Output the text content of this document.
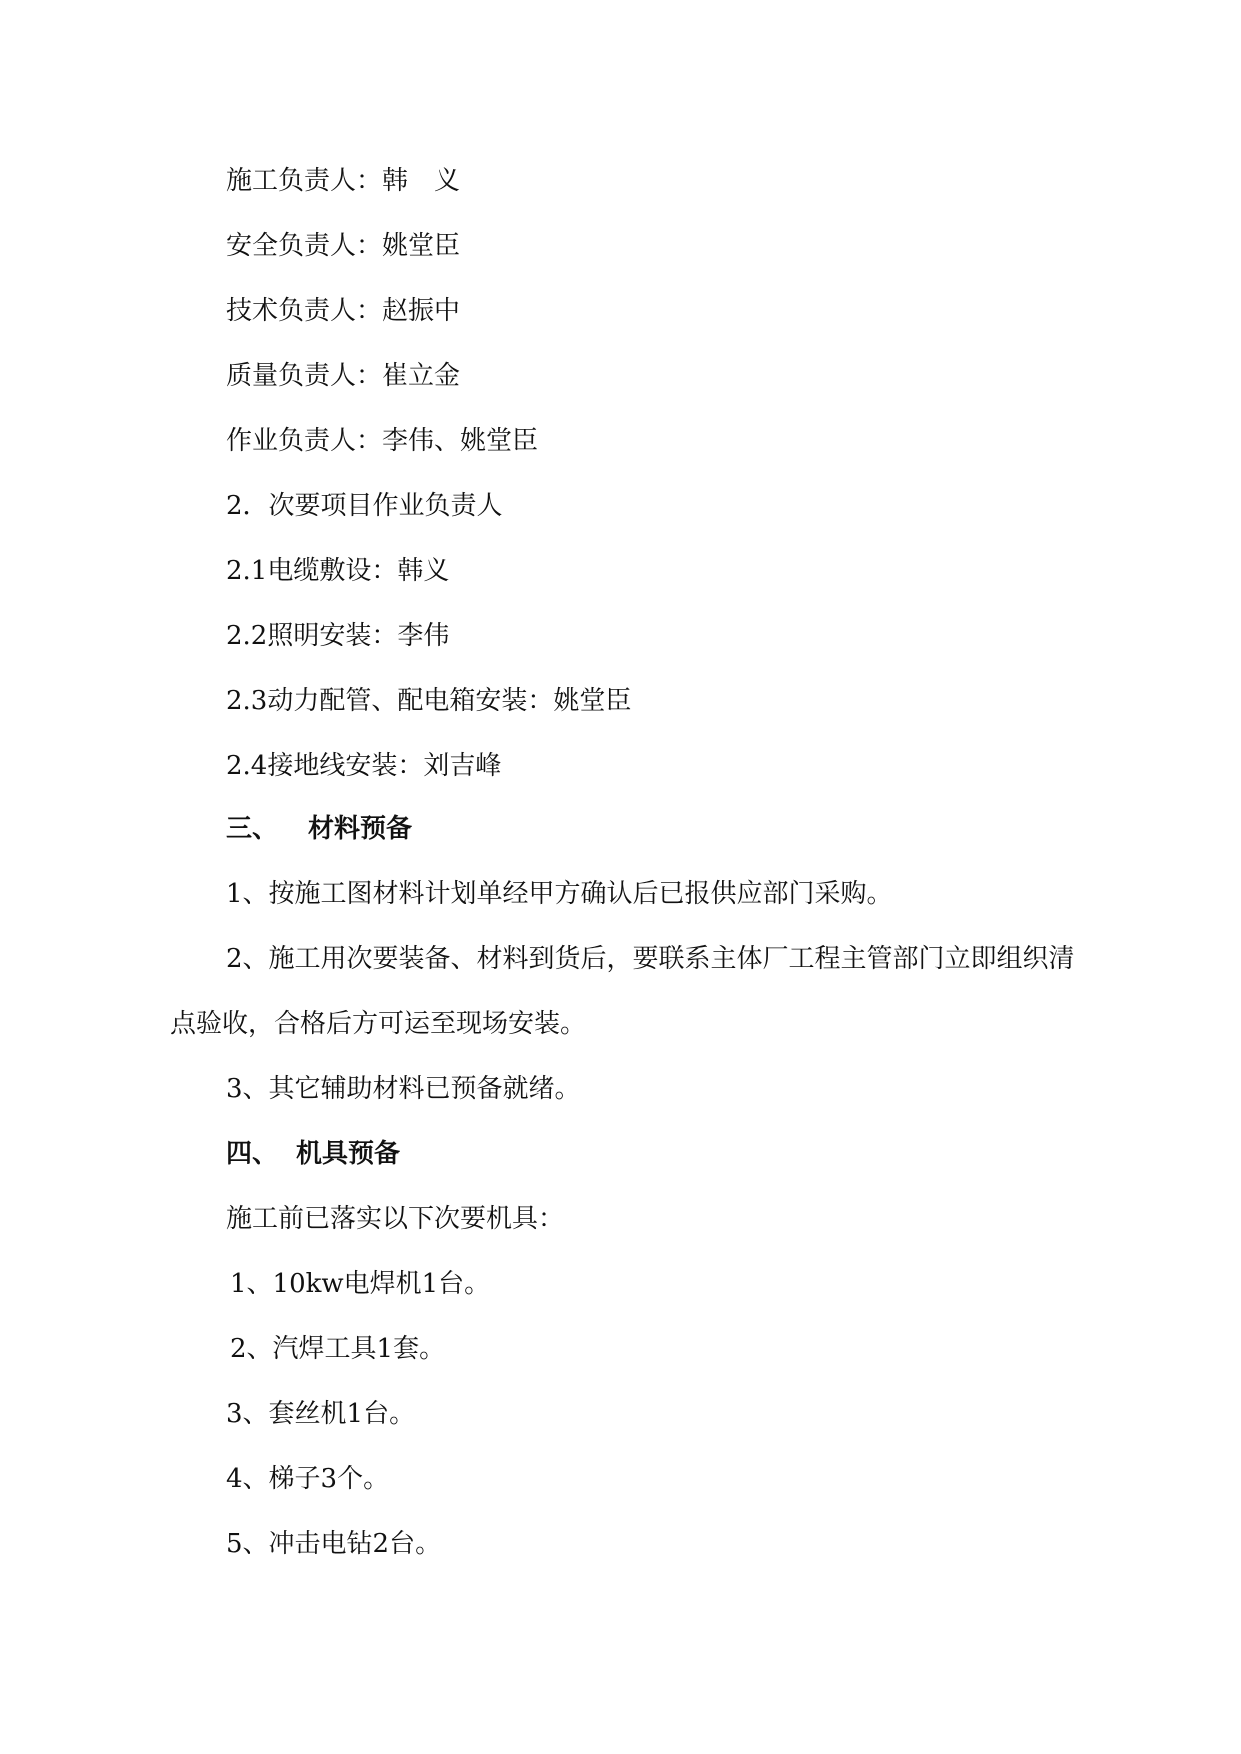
施工负责人：韩　义
安全负责人：姚堂臣
技术负责人：赵振中
质量负责人：崔立金
作业负责人：李伟、姚堂臣
2．次要项目作业负责人
2.1电缆敷设：韩义
2.2照明安装：李伟
2.3动力配管、配电箱安装：姚堂臣
2.4接地线安装：刘吉峰
三、 材料预备
1、按施工图材料计划单经甲方确认后已报供应部门采购。
2、施工用次要装备、材料到货后，要联系主体厂工程主管部门立即组织清
点验收，合格后方可运至现场安装。
3、其它辅助材料已预备就绪。
四、 机具预备
施工前已落实以下次要机具：
1、10kw电焊机1台。
2、汽焊工具1套。
3、套丝机1台。
4、梯子3个。
5、冲击电钻2台。
